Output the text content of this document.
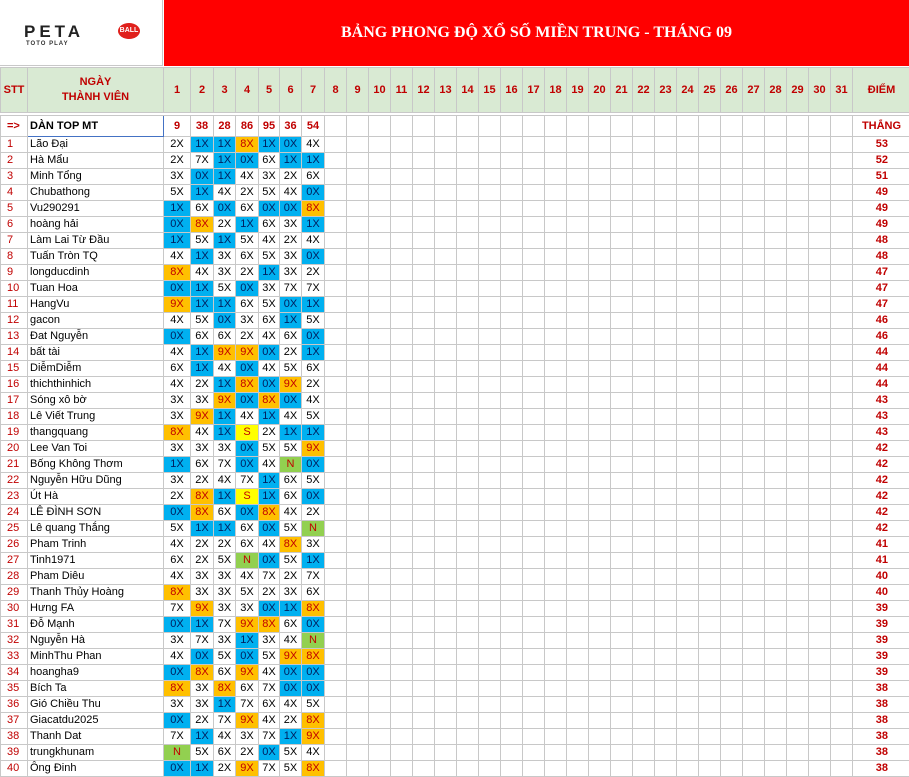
PETA	BALL
TOTO PLAY
BẢNG PHONG ĐỘ XỔ SỐ MIỀN TRUNG - THÁNG 09
STT	NGÀY
THÀNH VIÊN	1	2	3	4	5	6	7	8	9	10	11	12	13	14	15	16	17	18	19	20	21	22	23	24	25	26	27	28	29	30	31	ĐIỂM

=>	DÀN TOP MT	9	38	28	86	95	36	54																									THẮNG
1	Lão Đại	2X	1X	1X	8X	1X	0X	4X																									53
2	Hà Mẩu	2X	7X	1X	0X	6X	1X	1X																									52
3	Minh Tổng	3X	0X	1X	4X	3X	2X	6X																									51
4	Chubathong	5X	1X	4X	2X	5X	4X	0X																									49
5	Vu290291	1X	6X	0X	6X	0X	0X	8X																									49
6	hoàng hải	0X	8X	2X	1X	6X	3X	1X																									49
7	Làm Lai Từ Đầu	1X	5X	1X	5X	4X	2X	4X																									48
8	Tuấn Tròn TQ	4X	1X	3X	6X	5X	3X	0X																									48
9	longducdinh	8X	4X	3X	2X	1X	3X	2X																									47
10	Tuan Hoa	0X	1X	5X	0X	3X	7X	7X																									47
11	HangVu	9X	1X	1X	6X	5X	0X	1X																									47
12	gacon	4X	5X	0X	3X	6X	1X	5X																									46
13	Đat Nguyễn	0X	6X	6X	2X	4X	6X	0X																									46
14	bất tài	4X	1X	9X	9X	0X	2X	1X																									44
15	DiễmDiễm	6X	1X	4X	0X	4X	5X	6X																									44
16	thichthinhich	4X	2X	1X	8X	0X	9X	2X																									44
17	Sóng xô bờ	3X	3X	9X	0X	8X	0X	4X																									43
18	Lê Viết Trung	3X	9X	1X	4X	1X	4X	5X																									43
19	thangquang	8X	4X	1X	S	2X	1X	1X																									43
20	Lee Van Toi	3X	3X	3X	0X	5X	5X	9X																									42
21	Bống Không Thơm	1X	6X	7X	0X	4X	N	0X																									42
22	Nguyễn Hữu Dũng	3X	2X	4X	7X	1X	6X	5X																									42
23	Út Hà	2X	8X	1X	S	1X	6X	0X																									42
24	LÊ ĐÌNH SƠN	0X	8X	6X	0X	8X	4X	2X																									42
25	Lê quang Thắng	5X	1X	1X	6X	0X	5X	N																									42
26	Pham Trinh	4X	2X	2X	6X	4X	8X	3X																									41
27	Tinh1971	6X	2X	5X	N	0X	5X	1X																									41
28	Pham Diêu	4X	3X	3X	4X	7X	2X	7X																									40
29	Thanh Thủy Hoàng	8X	3X	3X	5X	2X	3X	6X																									40
30	Hưng FA	7X	9X	3X	3X	0X	1X	8X																									39
31	Đỗ Mạnh	0X	1X	7X	9X	8X	6X	0X																									39
32	Nguyễn Hà	3X	7X	3X	1X	3X	4X	N																									39
33	MinhThu Phan	4X	0X	5X	0X	5X	9X	8X																									39
34	hoangha9	0X	8X	6X	9X	4X	0X	0X																									39
35	Bích Ta	8X	3X	8X	6X	7X	0X	0X																									38
36	Gió Chiều Thu	3X	3X	1X	7X	6X	4X	5X																									38
37	Giacatdu2025	0X	2X	7X	9X	4X	2X	8X																									38
38	Thanh Dat	7X	1X	4X	3X	7X	1X	9X																									38
39	trungkhunam	N	5X	6X	2X	0X	5X	4X																									38
40	Ông Đinh	0X	1X	2X	9X	7X	5X	8X																									38
